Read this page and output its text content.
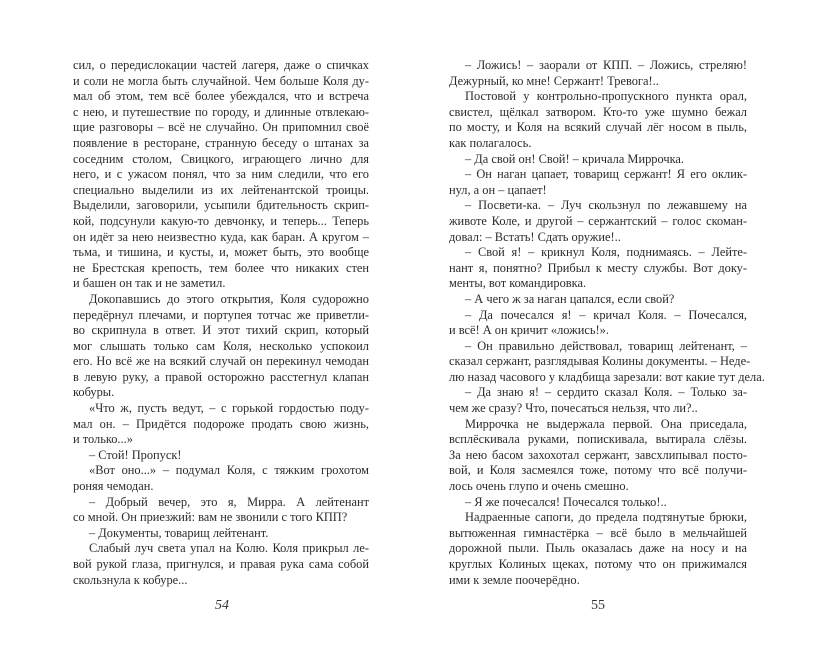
сил, о передислокации частей лагеря, даже о спичках
и соли не могла быть случайной. Чем больше Коля ду-
мал об этом, тем всё более убеждался, что и встреча
с нею, и путешествие по городу, и длинные отвлекаю-
щие разговоры – всё не случайно. Он припомнил своё
появление в ресторане, странную беседу о штанах за
соседним столом, Свицкого, играющего лично для
него, и с ужасом понял, что за ним следили, что его
специально выделили из их лейтенантской троицы.
Выделили, заговорили, усыпили бдительность скрип-
кой, подсунули какую-то девчонку, и теперь... Теперь
он идёт за нею неизвестно куда, как баран. А кругом –
тьма, и тишина, и кусты, и, может быть, это вообще
не Брестская крепость, тем более что никаких стен
и башен он так и не заметил.
Докопавшись до этого открытия, Коля судорожно
передёрнул плечами, и портупея тотчас же приветли-
во скрипнула в ответ. И этот тихий скрип, который
мог слышать только сам Коля, несколько успокоил
его. Но всё же на всякий случай он перекинул чемодан
в левую руку, а правой осторожно расстегнул клапан
кобуры.
«Что ж, пусть ведут, – с горькой гордостью поду-
мал он. – Придётся подороже продать свою жизнь,
и только...»
– Стой! Пропуск!
«Вот оно...» – подумал Коля, с тяжким грохотом
роняя чемодан.
– Добрый вечер, это я, Мирра. А лейтенант
со мной. Он приезжий: вам не звонили с того КПП?
– Документы, товарищ лейтенант.
Слабый луч света упал на Колю. Коля прикрыл ле-
вой рукой глаза, пригнулся, и правая рука сама собой
скользнула к кобуре...
54
– Ложись! – заорали от КПП. – Ложись, стреляю!
Дежурный, ко мне! Сержант! Тревога!..
Постовой у контрольно-пропускного пункта орал,
свистел, щёлкал затвором. Кто-то уже шумно бежал
по мосту, и Коля на всякий случай лёг носом в пыль,
как полагалось.
– Да свой он! Свой! – кричала Миррочка.
– Он наган цапает, товарищ сержант! Я его оклик-
нул, а он – цапает!
– Посвети-ка. – Луч скользнул по лежавшему на
животе Коле, и другой – сержантский – голос скоман-
довал: – Встать! Сдать оружие!..
– Свой я! – крикнул Коля, поднимаясь. – Лейте-
нант я, понятно? Прибыл к месту службы. Вот доку-
менты, вот командировка.
– А чего ж за наган цапался, если свой?
– Да почесался я! – кричал Коля. – Почесался,
и всё! А он кричит «ложись!».
– Он правильно действовал, товарищ лейтенант, –
сказал сержант, разглядывая Колины документы. – Неде-
лю назад часового у кладбища зарезали: вот какие тут дела.
– Да знаю я! – сердито сказал Коля. – Только за-
чем же сразу? Что, почесаться нельзя, что ли?..
Миррочка не выдержала первой. Она приседала,
всплёскивала руками, попискивала, вытирала слёзы.
За нею басом захохотал сержант, завсхлипывал посто-
вой, и Коля засмеялся тоже, потому что всё получи-
лось очень глупо и очень смешно.
– Я же почесался! Почесался только!..
Надраенные сапоги, до предела подтянутые брюки,
вытюженная гимнастёрка – всё было в мельчайшей
дорожной пыли. Пыль оказалась даже на носу и на
круглых Колиных щеках, потому что он прижимался
ими к земле поочерёдно.
55
